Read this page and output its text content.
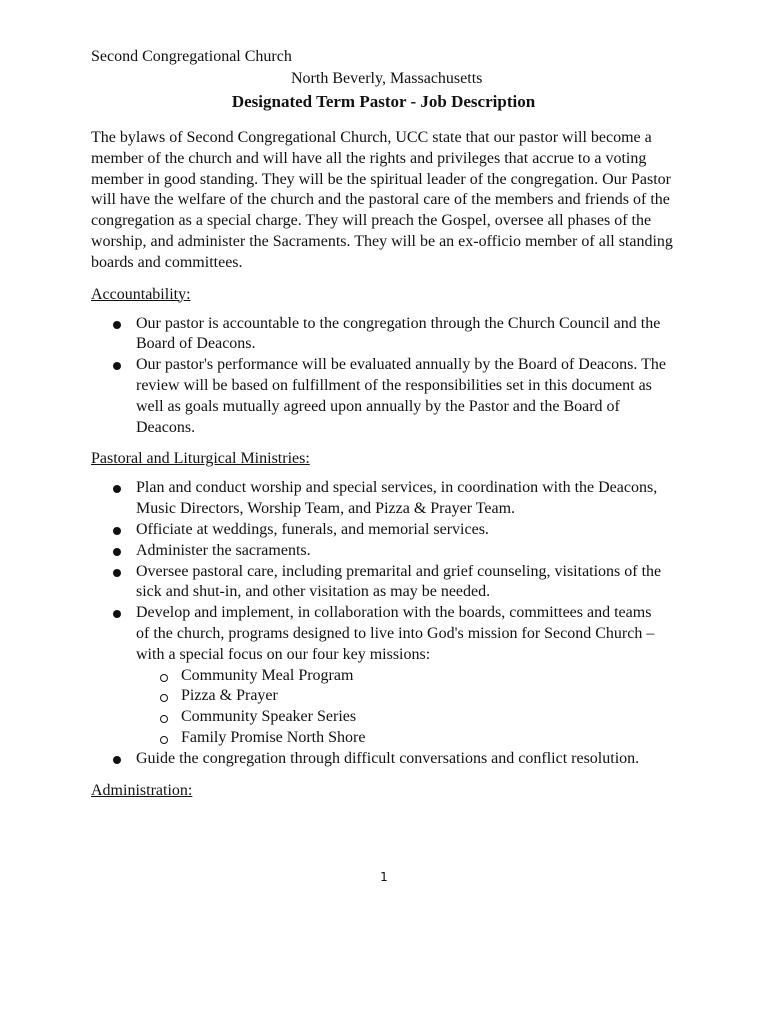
Second Congregational Church
North Beverly, Massachusetts
Designated Term Pastor - Job Description

The bylaws of Second Congregational Church, UCC state that our pastor will become a member of the church and will have all the rights and privileges that accrue to a voting member in good standing. They will be the spiritual leader of the congregation. Our Pastor will have the welfare of the church and the pastoral care of the members and friends of the congregation as a special charge. They will preach the Gospel, oversee all phases of the worship, and administer the Sacraments. They will be an ex-officio member of all standing boards and committees.

Accountability:
Our pastor is accountable to the congregation through the Church Council and the Board of Deacons.
Our pastor's performance will be evaluated annually by the Board of Deacons. The review will be based on fulfillment of the responsibilities set in this document as well as goals mutually agreed upon annually by the Pastor and the Board of Deacons.
Pastoral and Liturgical Ministries:
Plan and conduct worship and special services, in coordination with the Deacons, Music Directors, Worship Team, and Pizza & Prayer Team.
Officiate at weddings, funerals, and memorial services.
Administer the sacraments.
Oversee pastoral care, including premarital and grief counseling, visitations of the sick and shut-in, and other visitation as may be needed.
Develop and implement, in collaboration with the boards, committees and teams of the church, programs designed to live into God's mission for Second Church – with a special focus on our four key missions:
Community Meal Program
Pizza & Prayer
Community Speaker Series
Family Promise North Shore
Guide the congregation through difficult conversations and conflict resolution.
Administration:
1
